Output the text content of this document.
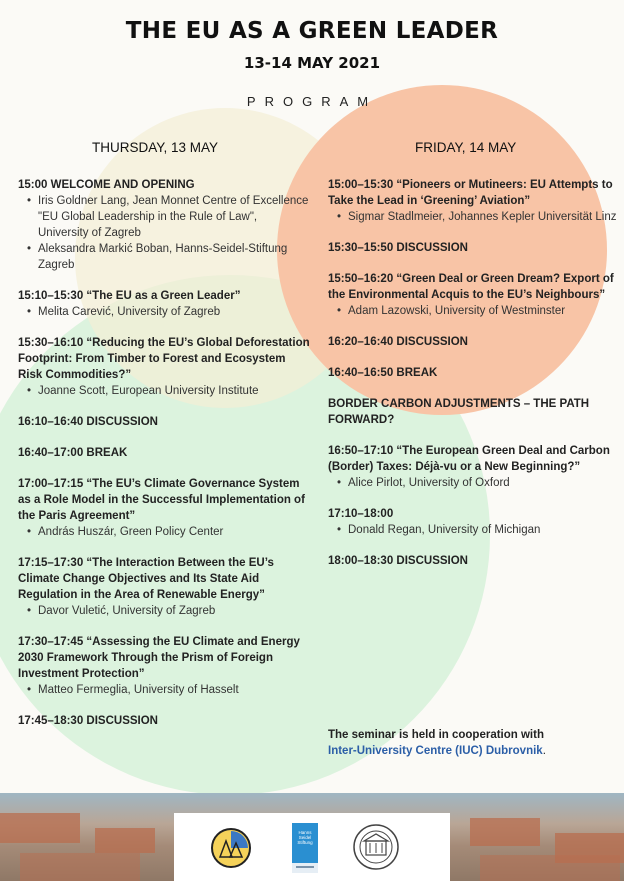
THE EU AS A GREEN LEADER
13-14 MAY 2021
PROGRAM
THURSDAY, 13 MAY	FRIDAY, 14 MAY
15:00 WELCOME AND OPENING
• Iris Goldner Lang, Jean Monnet Centre of Excellence "EU Global Leadership in the Rule of Law", University of Zagreb
• Aleksandra Markić Boban, Hanns-Seidel-Stiftung Zagreb
15:10–15:30 “The EU as a Green Leader”
• Melita Carević, University of Zagreb
15:30–16:10 “Reducing the EU’s Global Deforestation Footprint: From Timber to Forest and Ecosystem Risk Commodities?”
• Joanne Scott, European University Institute
16:10–16:40 DISCUSSION
16:40–17:00 BREAK
17:00–17:15 “The EU’s Climate Governance System as a Role Model in the Successful Implementation of the Paris Agreement”
• András Huszár, Green Policy Center
17:15–17:30 “The Interaction Between the EU’s Climate Change Objectives and Its State Aid Regulation in the Area of Renewable Energy”
• Davor Vuletić, University of Zagreb
17:30–17:45 “Assessing the EU Climate and Energy 2030 Framework Through the Prism of Foreign Investment Protection”
• Matteo Fermeglia, University of Hasselt
17:45–18:30 DISCUSSION
15:00–15:30 “Pioneers or Mutineers: EU Attempts to Take the Lead in ‘Greening’ Aviation”
• Sigmar Stadlmeier, Johannes Kepler Universität Linz
15:30–15:50 DISCUSSION
15:50–16:20 “Green Deal or Green Dream? Export of the Environmental Acquis to the EU’s Neighbours”
• Adam Lazowski, University of Westminster
16:20–16:40 DISCUSSION
16:40–16:50 BREAK
BORDER CARBON ADJUSTMENTS – THE PATH FORWARD?
16:50–17:10 “The European Green Deal and Carbon (Border) Taxes: Déjà-vu or a New Beginning?”
• Alice Pirlot, University of Oxford
17:10–18:00
• Donald Regan, University of Michigan
18:00–18:30 DISCUSSION
The seminar is held in cooperation with
Inter-University Centre (IUC) Dubrovnik.
Hanns Seidel Stiftung
